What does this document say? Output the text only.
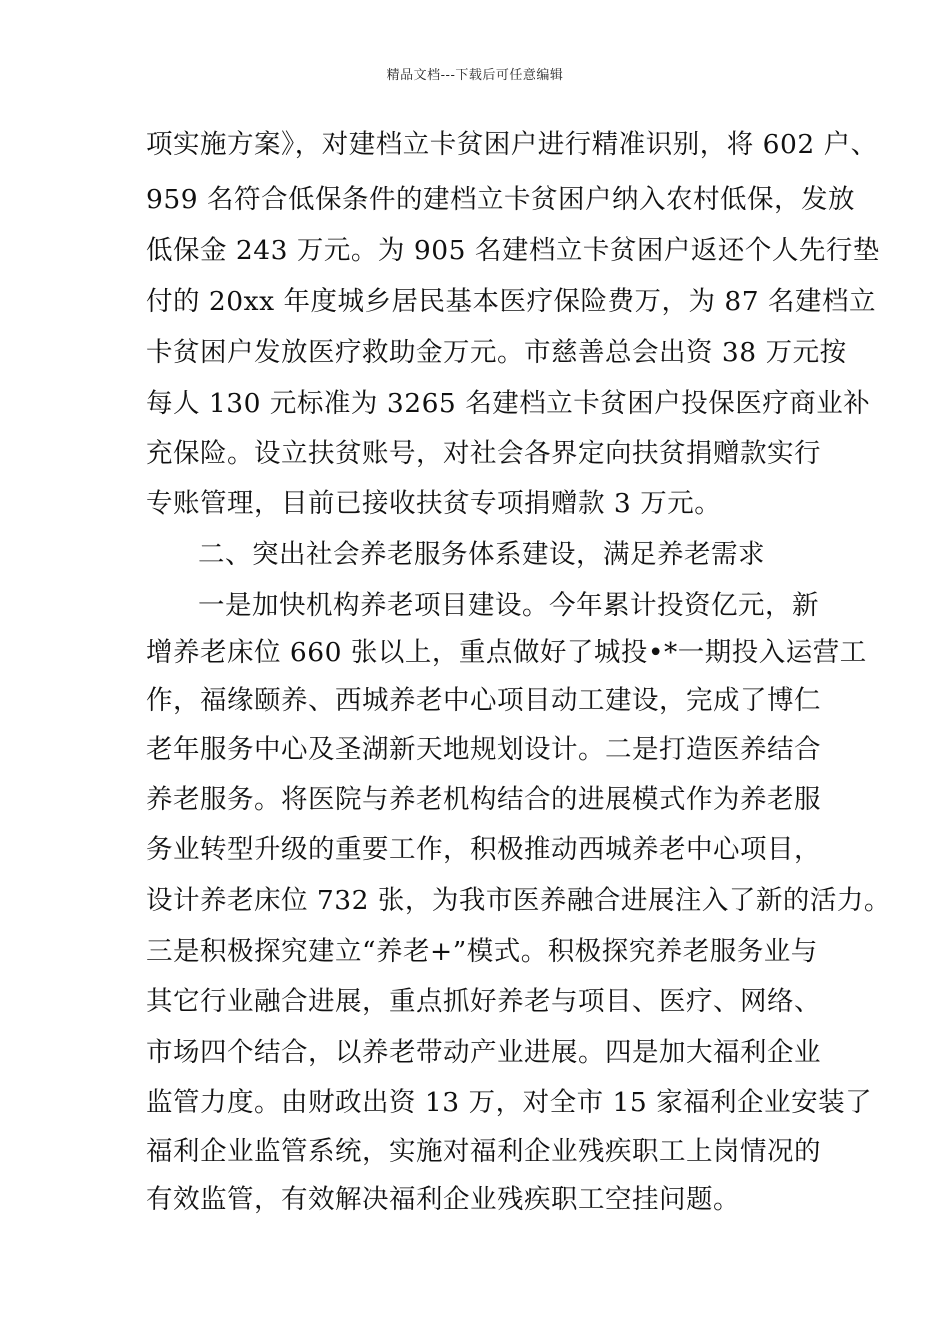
精品文档---下载后可任意编辑
项实施方案》，对建档立卡贫困户进行精准识别，将 602 户、
959 名符合低保条件的建档立卡贫困户纳入农村低保，发放
低保金 243 万元。为 905 名建档立卡贫困户返还个人先行垫
付的 20xx 年度城乡居民基本医疗保险费万，为 87 名建档立
卡贫困户发放医疗救助金万元。市慈善总会出资 38 万元按
每人 130 元标准为 3265 名建档立卡贫困户投保医疗商业补
充保险。设立扶贫账号，对社会各界定向扶贫捐赠款实行
专账管理，目前已接收扶贫专项捐赠款 3 万元。
二、突出社会养老服务体系建设，满足养老需求
一是加快机构养老项目建设。今年累计投资亿元，新
增养老床位 660 张以上，重点做好了城投•*一期投入运营工
作，福缘颐养、西城养老中心项目动工建设，完成了博仁
老年服务中心及圣湖新天地规划设计。二是打造医养结合
养老服务。将医院与养老机构结合的进展模式作为养老服
务业转型升级的重要工作，积极推动西城养老中心项目，
设计养老床位 732 张，为我市医养融合进展注入了新的活力。
三是积极探究建立“养老+”模式。积极探究养老服务业与
其它行业融合进展，重点抓好养老与项目、医疗、网络、
市场四个结合，以养老带动产业进展。四是加大福利企业
监管力度。由财政出资 13 万，对全市 15 家福利企业安装了
福利企业监管系统，实施对福利企业残疾职工上岗情况的
有效监管，有效解决福利企业残疾职工空挂问题。
